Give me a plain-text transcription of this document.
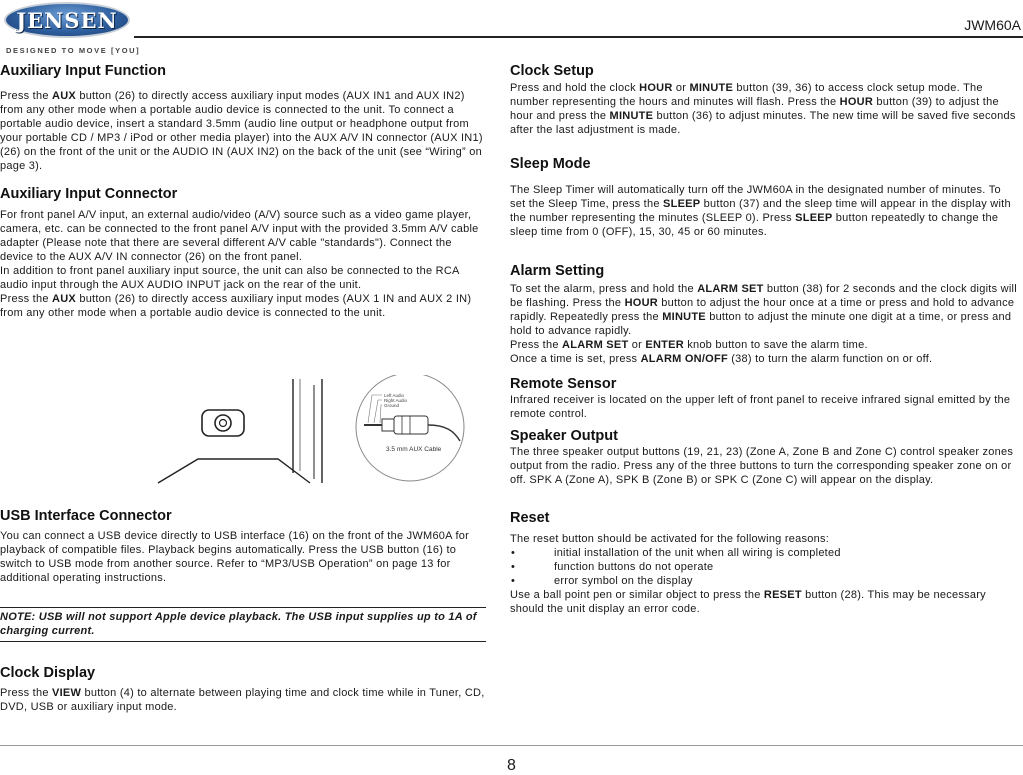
JENSEN
DESIGNED TO MOVE [YOU]
JWM60A
Auxiliary Input Function

Press the AUX button (26) to directly access auxiliary input modes (AUX IN1 and AUX IN2) from any other mode when a portable audio device is connected to the unit. To connect a portable audio device, insert a standard 3.5mm (audio line output or headphone output from your portable CD / MP3 / iPod or other media player) into the AUX A/V IN connector (AUX IN1) (26) on the front of the unit or the AUDIO IN (AUX IN2) on the back of the unit (see “Wiring” on page 3).

Auxiliary Input Connector

For front panel A/V input, an external audio/video (A/V) source such as a video game player, camera, etc. can be connected to the front panel A/V input with the provided 3.5mm A/V cable adapter (Please note that there are several different A/V cable "standards"). Connect the device to the AUX A/V IN connector (26) on the front panel.

In addition to front panel auxiliary input source, the unit can also be connected to the RCA audio input through the AUX AUDIO INPUT jack on the rear of the unit.

Press the AUX button (26) to directly access auxiliary input modes (AUX 1 IN and AUX 2 IN) from any other mode when a portable audio device is connected to the unit.

USB Interface Connector

You can connect a USB device directly to USB interface (16) on the front of the JWM60A for playback of compatible files. Playback begins automatically. Press the USB button (16) to switch to USB mode from another source. Refer to “MP3/USB Operation” on page 13 for additional operating instructions.

NOTE: USB will not support Apple device playback. The USB input supplies up to 1A of charging current.

Clock Display

Press the VIEW button (4) to alternate between playing time and clock time while in Tuner, CD, DVD, USB or auxiliary input mode.

Left Audio
Right Audio
Ground
3.5 mm AUX Cable
Clock Setup

Press and hold the clock HOUR or MINUTE button (39, 36) to access clock setup mode. The number representing the hours and minutes will flash. Press the HOUR button (39) to adjust the hour and press the MINUTE button (36) to adjust minutes. The new time will be saved five seconds after the last adjustment is made.

Sleep Mode

The Sleep Timer will automatically turn off the JWM60A in the designated number of minutes. To set the Sleep Time, press the SLEEP button (37) and the sleep time will appear in the display with the number representing the minutes (SLEEP 0). Press SLEEP button repeatedly to change the sleep time from 0 (OFF), 15, 30, 45 or 60 minutes.

Alarm Setting

To set the alarm, press and hold the ALARM SET button (38) for 2 seconds and the clock digits will be flashing. Press the HOUR button to adjust the hour once at a time or press and hold to advance rapidly. Repeatedly press the MINUTE button to adjust the minute one digit at a time, or press and hold to advance rapidly.

Press the ALARM SET or ENTER knob button to save the alarm time.

Once a time is set, press ALARM ON/OFF (38) to turn the alarm function on or off.

Remote Sensor

Infrared receiver is located on the upper left of front panel to receive infrared signal emitted by the remote control.

Speaker Output

The three speaker output buttons (19, 21, 23) (Zone A, Zone B and Zone C) control speaker zones output from the radio. Press any of the three buttons to turn the corresponding speaker zone on or off. SPK A (Zone A), SPK B (Zone B) or SPK C (Zone C) will appear on the display.

Reset

The reset button should be activated for the following reasons:

• initial installation of the unit when all wiring is completed
• function buttons do not operate
• error symbol on the display

Use a ball point pen or similar object to press the RESET button (28). This may be necessary should the unit display an error code.

8
